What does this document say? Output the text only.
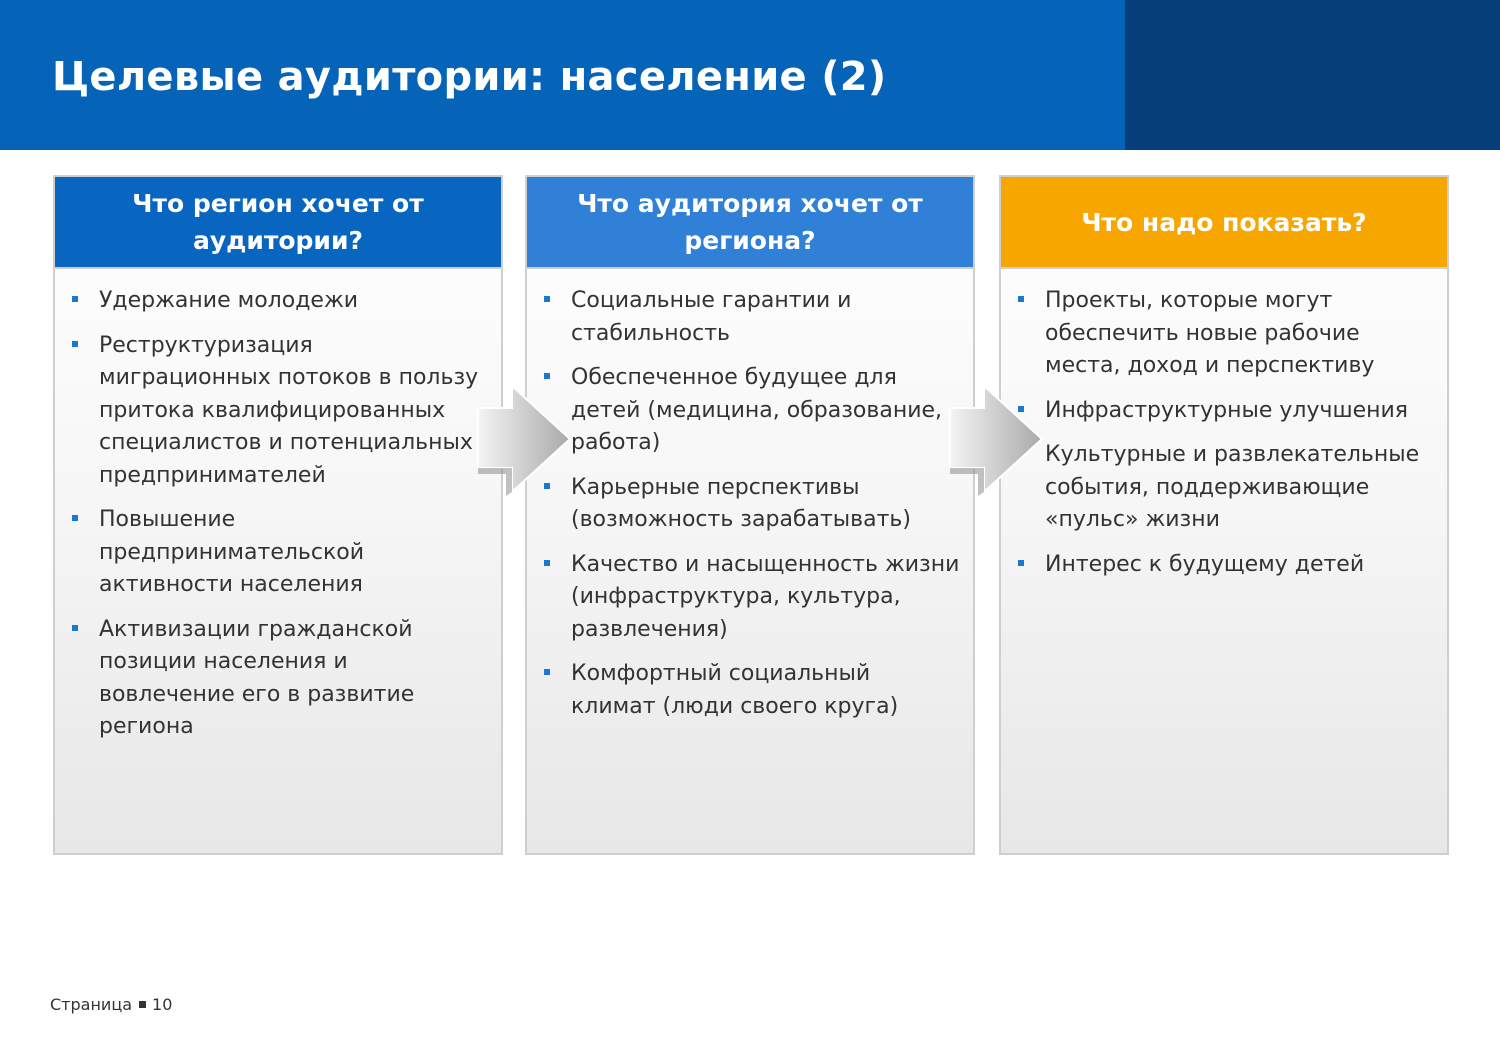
Целевые аудитории: население (2)
Что регион хочет от аудитории?
Удержание молодежи
Реструктуризация миграционных потоков в пользу притока квалифицированных специалистов и потенциальных предпринимателей
Повышение предпринимательской активности населения
Активизации гражданской позиции населения и вовлечение его в развитие региона
Что аудитория хочет от региона?
Социальные гарантии и стабильность
Обеспеченное будущее для детей (медицина, образование, работа)
Карьерные перспективы (возможность зарабатывать)
Качество и насыщенность жизни (инфраструктура, культура, развлечения)
Комфортный социальный климат (люди своего круга)
Что надо показать?
Проекты, которые могут обеспечить новые рабочие места, доход и перспективу
Инфраструктурные улучшения
Культурные и развлекательные события, поддерживающие «пульс» жизни
Интерес к будущему детей
Страница 10
